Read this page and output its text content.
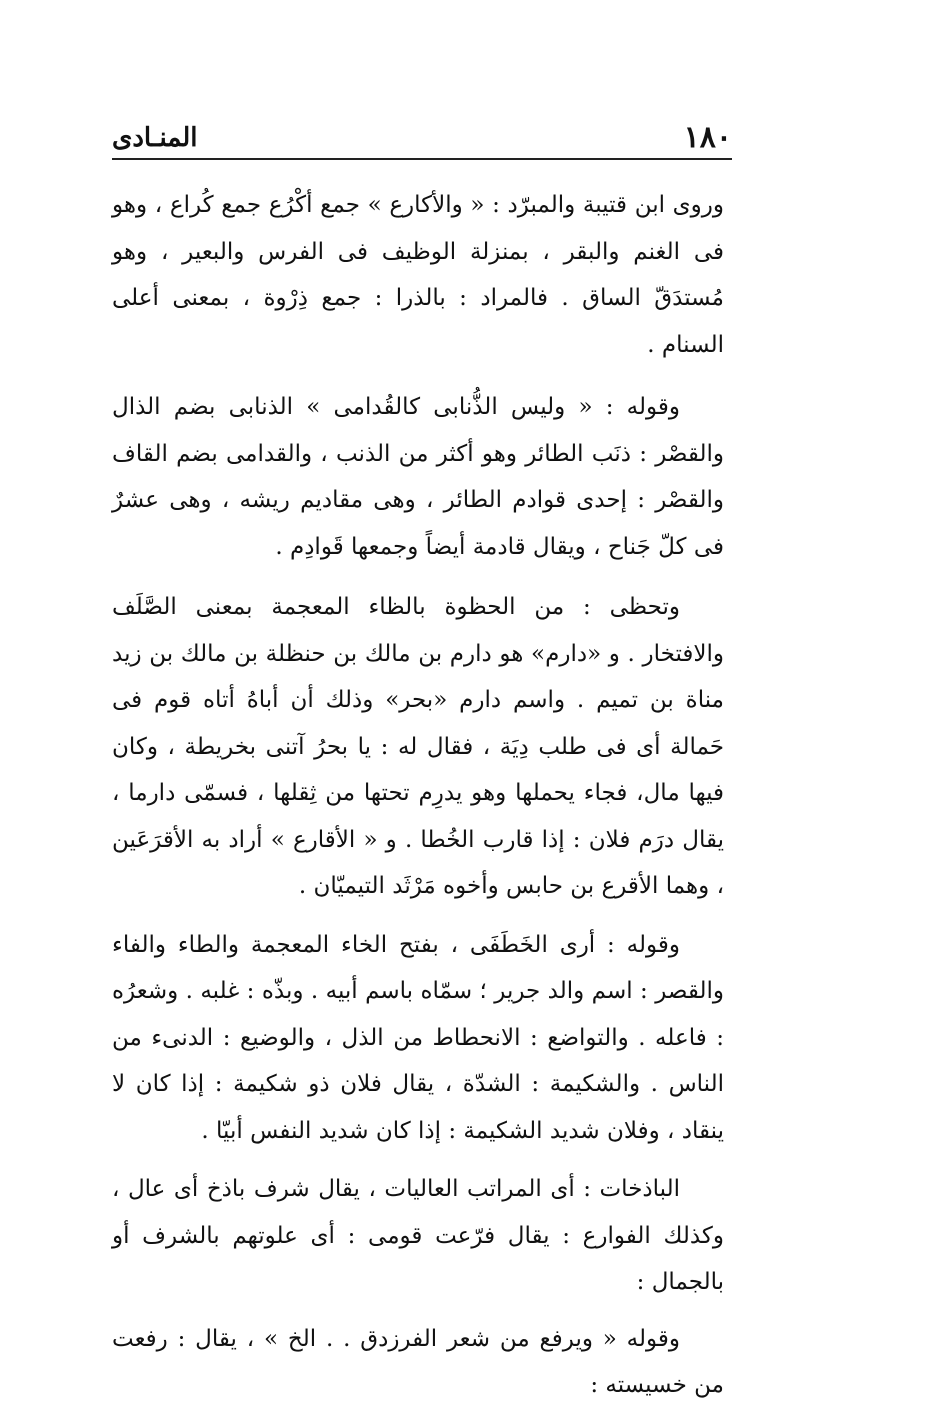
١٨٠
المنـادى

وروى ابن قتيبة والمبرّد : « والأكارع » جمع أكْرُع جمع كُراع ، وهو فى الغنم والبقر ، بمنزلة الوظيف فى الفرس والبعير ، وهو مُستدَقّ الساق . فالمراد : بالذرا : جمع ذِرْوة ، بمعنى أعلى السنام .

وقوله : « وليس الذُّنابى كالقُدامى » الذنابى بضم الذال والقصْر : ذنَب الطائر وهو أكثر من الذنب ، والقدامى بضم القاف والقصْر : إحدى قوادم الطائر ، وهى مقاديم ريشه ، وهى عشرٌ فى كلّ جَناح ، ويقال قادمة أيضاً وجمعها قَوادِم .

وتحظى : من الحظوة بالظاء المعجمة بمعنى الصَّلَف والافتخار . و «دارم» هو دارم بن مالك بن حنظلة بن مالك بن زيد مناة بن تميم . واسم دارم «بحر» وذلك أن أباهُ أتاه قوم فى حَمالة أى فى طلب دِيَة ، فقال له : يا بحرُ آتنى بخريطة ، وكان فيها مال، فجاء يحملها وهو يدرِم تحتها من ثِقلها ، فسمّى دارما ، يقال درَم فلان : إذا قارب الخُطا . و « الأقارع » أراد به الأقرَعَين ، وهما الأقرع بن حابس وأخوه مَرْثَد التيميّان .

وقوله : أرى الخَطَفَى ، بفتح الخاء المعجمة والطاء والفاء والقصر : اسم والد جرير ؛ سمّاه باسم أبيه . وبذّه : غلبه . وشعرُه : فاعله . والتواضع : الانحطاط من الذل ، والوضيع : الدنىء من الناس . والشكيمة : الشدّة ، يقال فلان ذو شكيمة : إذا كان لا ينقاد ، وفلان شديد الشكيمة : إذا كان شديد النفس أبيّا .

الباذخات : أى المراتب العاليات ، يقال شرف باذخ أى عال ، وكذلك الفوارع : يقال فرّعت قومى : أى علوتهم بالشرف أو بالجمال :

وقوله « ويرفع من شعر الفرزدق . . الخ » ، يقال : رفعت من خسيسته :
